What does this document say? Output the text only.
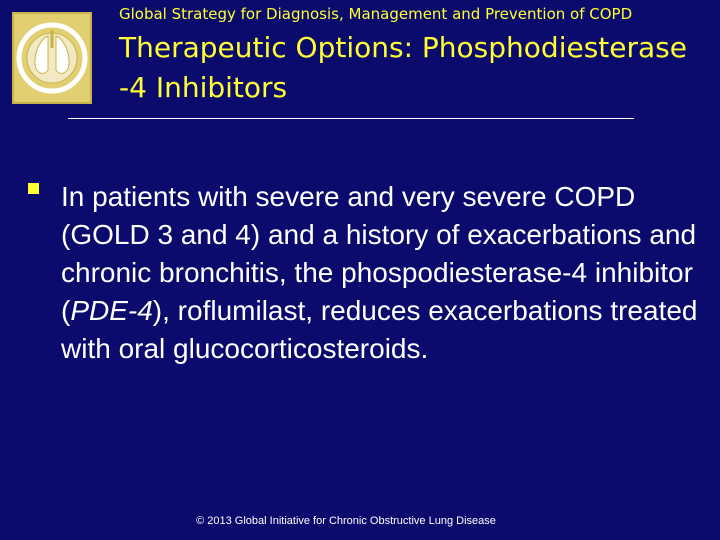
Global Strategy for Diagnosis, Management and Prevention of COPD
Therapeutic Options: Phosphodiesterase
-4 Inhibitors
In patients with severe and very severe COPD (GOLD 3 and 4) and a history of exacerbations and chronic bronchitis, the phospodiesterase-4 inhibitor (PDE-4), roflumilast, reduces exacerbations treated with oral glucocorticosteroids.
© 2013 Global Initiative for Chronic Obstructive Lung Disease
